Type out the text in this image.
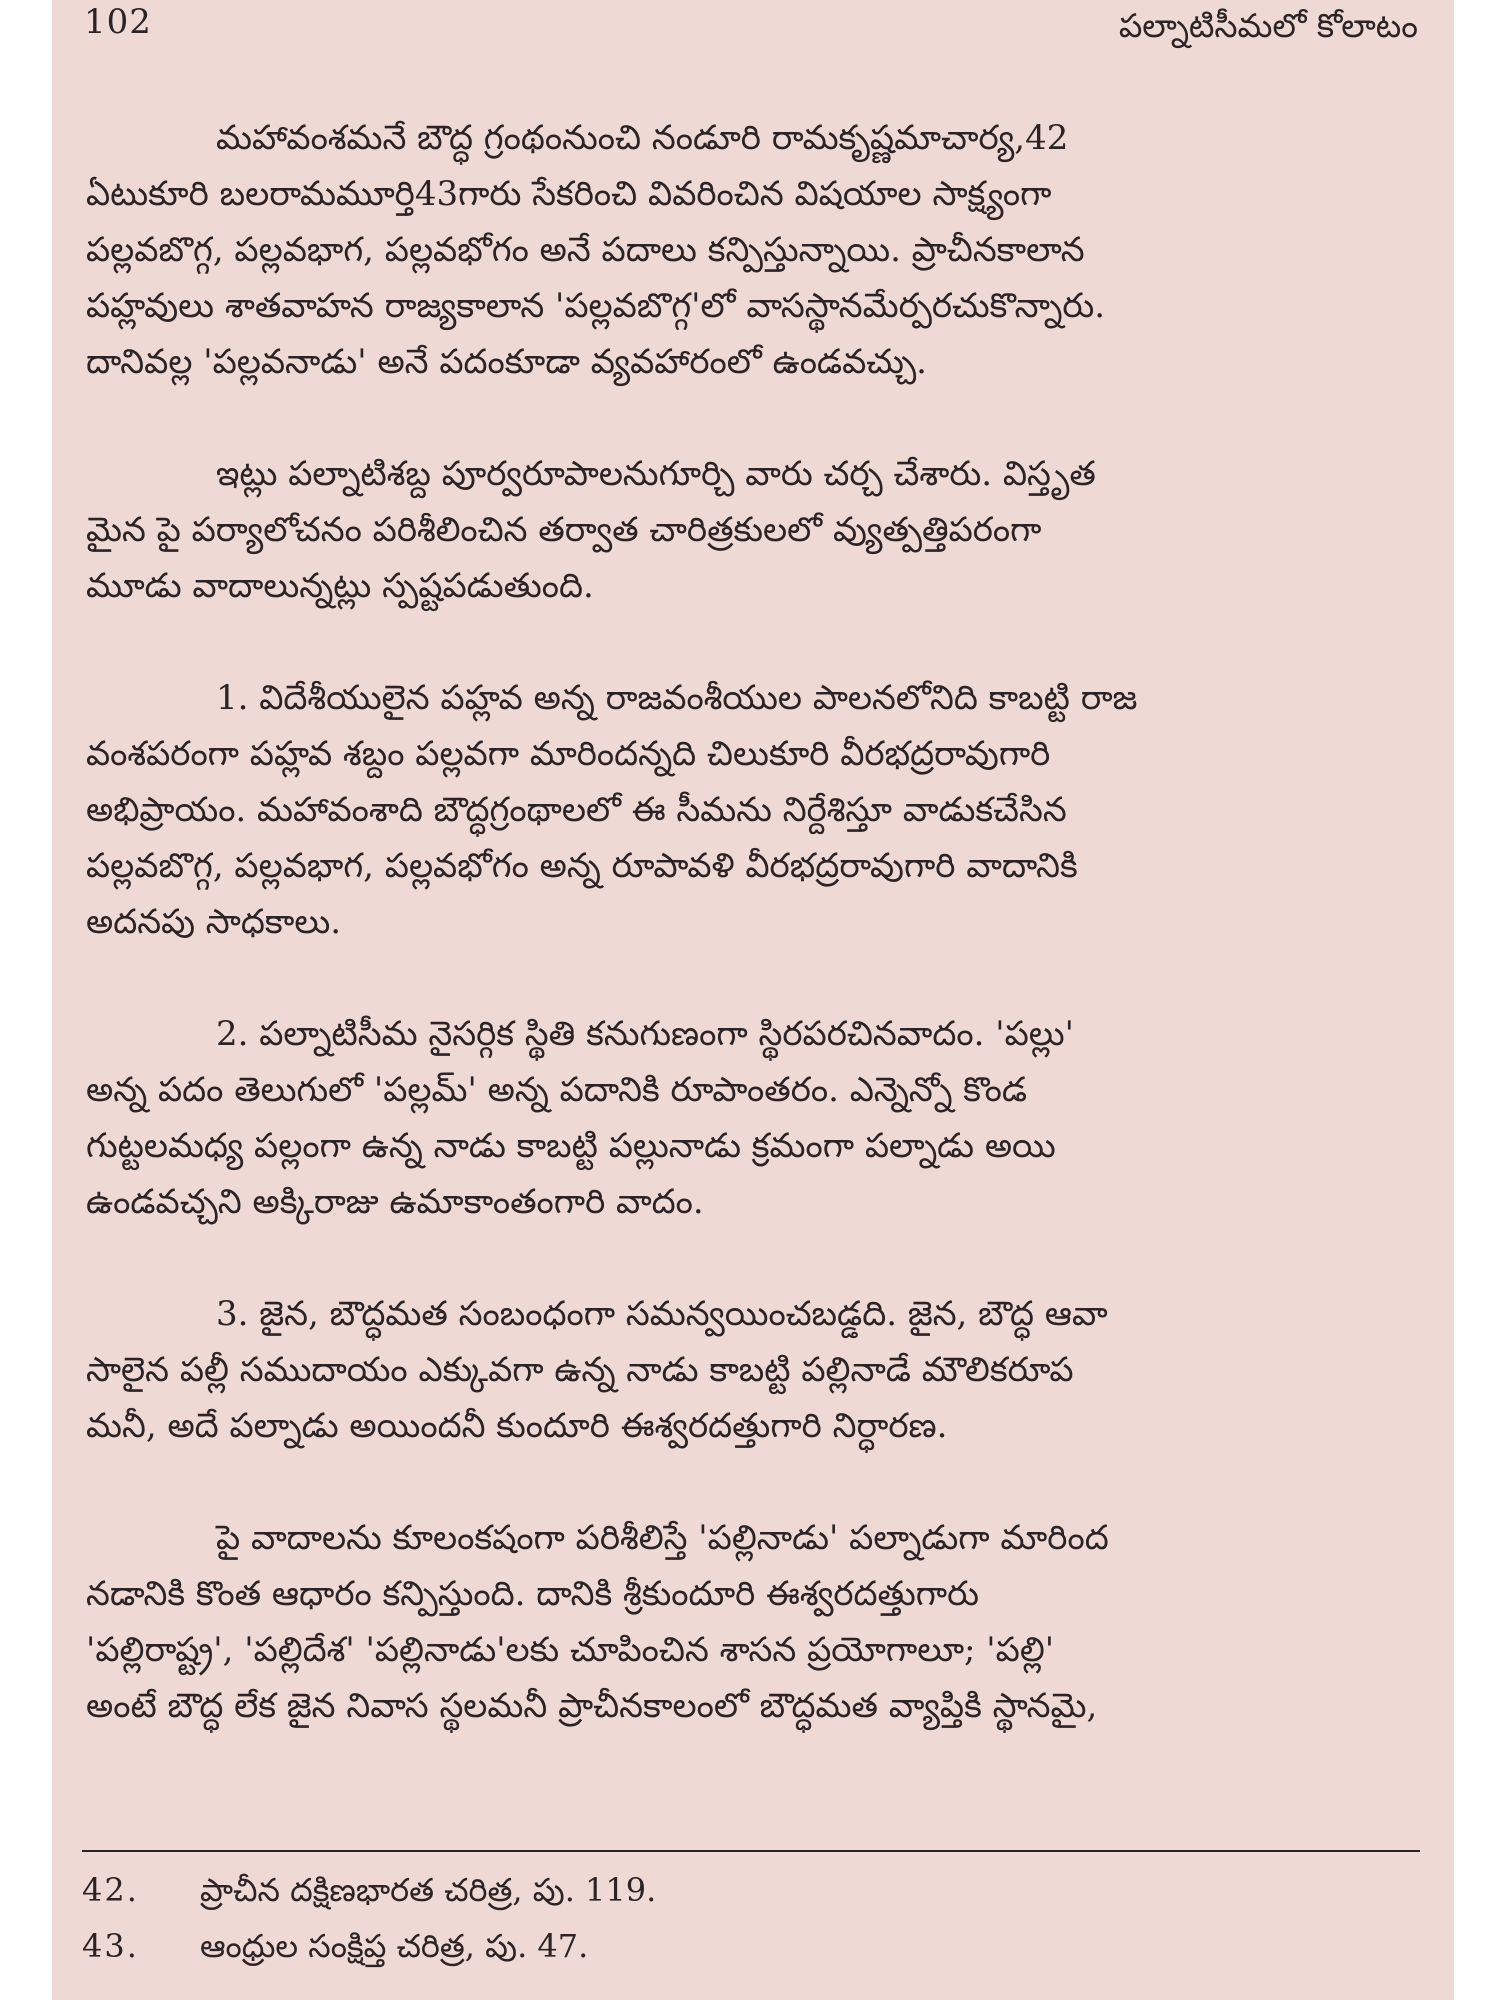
102	పల్నాటిసీమలో కోలాటం
మహావంశమనే బౌద్ధ గ్రంథంనుంచి నండూరి రామకృష్ణమాచార్య,42
ఏటుకూరి బలరామమూర్తి43గారు సేకరించి వివరించిన విషయాల సాక్ష్యంగా
పల్లవబొగ్గ, పల్లవభాగ, పల్లవభోగం అనే పదాలు కన్పిస్తున్నాయి. ప్రాచీనకాలాన
పహ్లవులు శాతవాహన రాజ్యకాలాన 'పల్లవబొగ్గ'లో వాసస్థానమేర్పరచుకొన్నారు.
దానివల్ల 'పల్లవనాడు' అనే పదంకూడా వ్యవహారంలో ఉండవచ్చు.
ఇట్లు పల్నాటిశబ్ద పూర్వరూపాలనుగూర్చి వారు చర్చ చేశారు. విస్తృత
మైన పై పర్యాలోచనం పరిశీలించిన తర్వాత చారిత్రకులలో వ్యుత్పత్తిపరంగా
మూడు వాదాలున్నట్లు స్పష్టపడుతుంది.
1. విదేశీయులైన పహ్లవ అన్న రాజవంశీయుల పాలనలోనిది కాబట్టి రాజ
వంశపరంగా పహ్లవ శబ్దం పల్లవగా మారిందన్నది చిలుకూరి వీరభద్రరావుగారి
అభిప్రాయం. మహావంశాది బౌద్ధగ్రంథాలలో ఈ సీమను నిర్దేశిస్తూ వాడుకచేసిన
పల్లవబొగ్గ, పల్లవభాగ, పల్లవభోగం అన్న రూపావళి వీరభద్రరావుగారి వాదానికి
అదనపు సాధకాలు.
2. పల్నాటిసీమ నైసర్గిక స్థితి కనుగుణంగా స్థిరపరచినవాదం. 'పల్లు'
అన్న పదం తెలుగులో 'పల్లమ్' అన్న పదానికి రూపాంతరం. ఎన్నెన్నో కొండ
గుట్టలమధ్య పల్లంగా ఉన్న నాడు కాబట్టి పల్లునాడు క్రమంగా పల్నాడు అయి
ఉండవచ్చని అక్కిరాజు ఉమాకాంతంగారి వాదం.
3. జైన, బౌద్ధమత సంబంధంగా సమన్వయించబడ్డది. జైన, బౌద్ధ ఆవా
సాలైన పల్లీ సముదాయం ఎక్కువగా ఉన్న నాడు కాబట్టి పల్లినాడే మౌలికరూప
మనీ, అదే పల్నాడు అయిందనీ కుందూరి ఈశ్వరదత్తుగారి నిర్ధారణ.
పై వాదాలను కూలంకషంగా పరిశీలిస్తే 'పల్లినాడు' పల్నాడుగా మారింద
నడానికి కొంత ఆధారం కన్పిస్తుంది. దానికి శ్రీకుందూరి ఈశ్వరదత్తుగారు
'పల్లిరాష్ట్ర', 'పల్లిదేశ' 'పల్లినాడు'లకు చూపించిన శాసన ప్రయోగాలూ; 'పల్లి'
అంటే బౌద్ధ లేక జైన నివాస స్థలమనీ ప్రాచీనకాలంలో బౌద్ధమత వ్యాప్తికి స్థానమై,
42. ప్రాచీన దక్షిణభారత చరిత్ర, పు. 119.
43. ఆంధ్రుల సంక్షిప్త చరిత్ర, పు. 47.
